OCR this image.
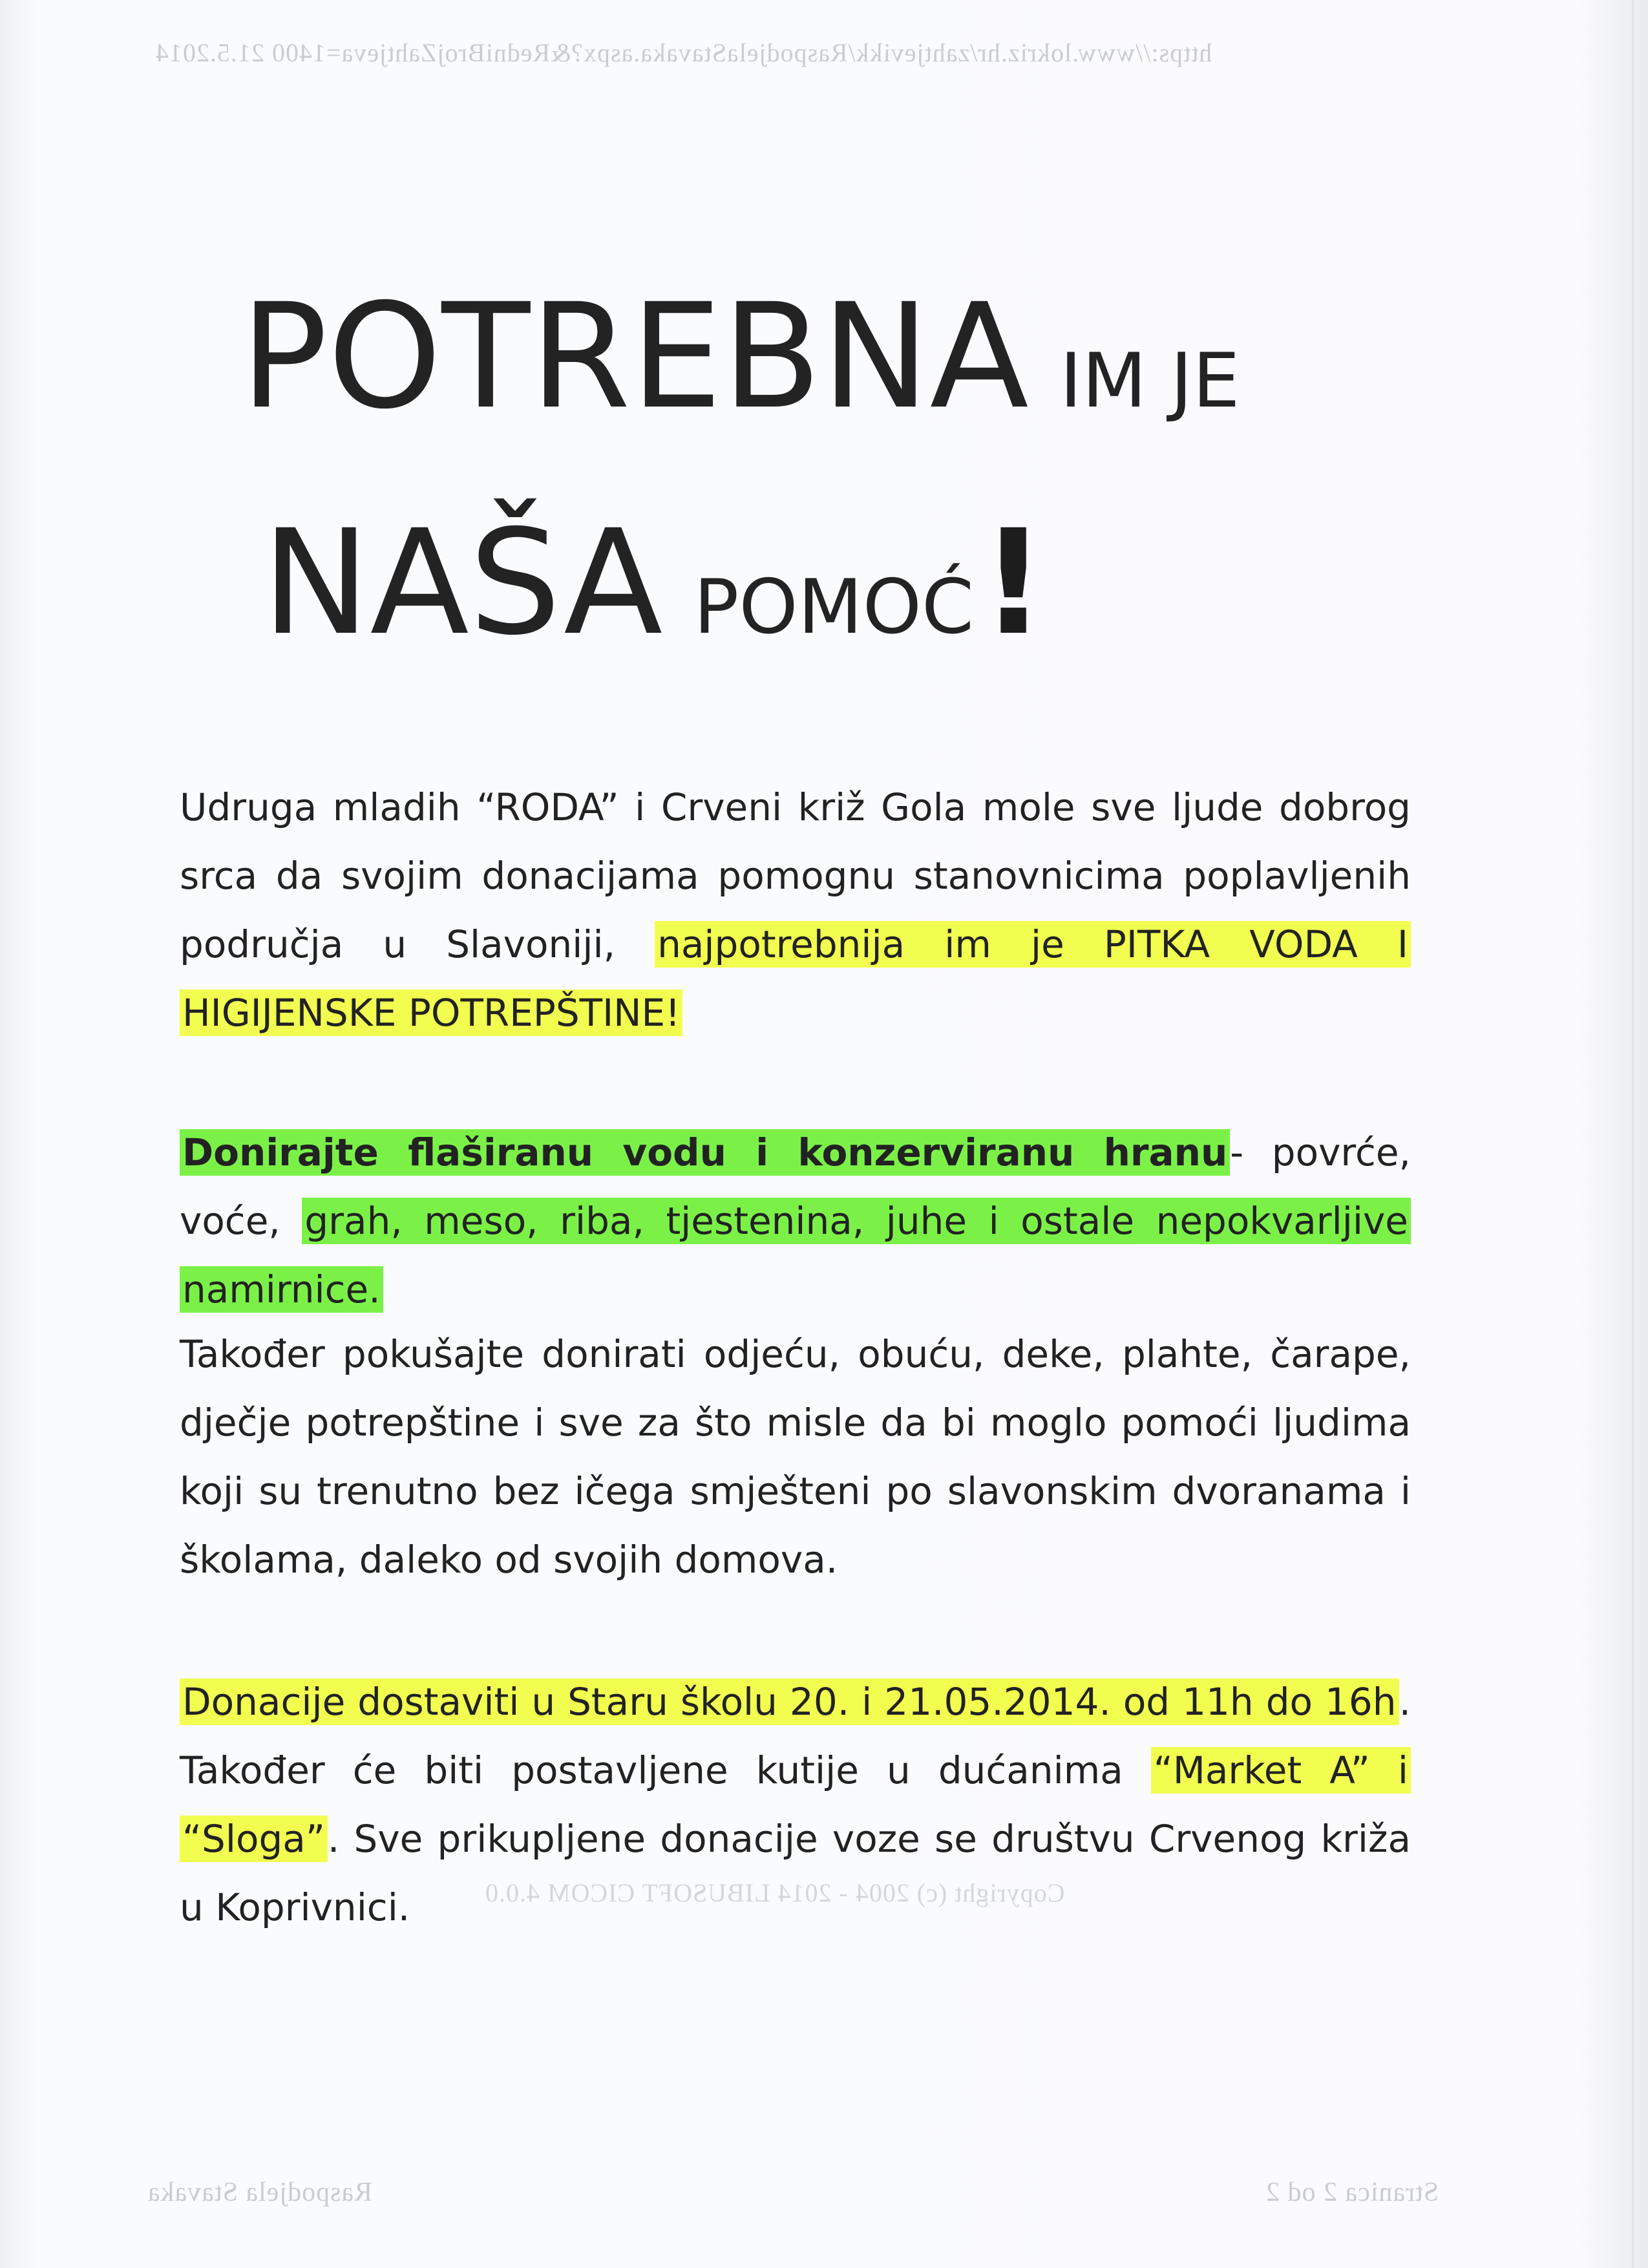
https://www.lokriz.hr/zahtjevikk/RaspodjelaStavaka.aspx?&RedniBrojZahtjeva=1400 21.5.2014
Copyright (c) 2004 - 2014 LIBUSOFT CICOM 4.0.0
Raspodjela Stavaka	Stranica 2 od 2
POTREBNA IM JE
NAŠA POMOĆ!
Udruga mladih “RODA” i Crveni križ Gola mole sve ljude dobrog srca da svojim donacijama pomognu stanovnicima poplavljenih područja u Slavoniji, najpotrebnija im je PITKA VODA I HIGIJENSKE POTREPŠTINE!
Donirajte flaširanu vodu i konzerviranu hranu- povrće, voće, grah, meso, riba, tjestenina, juhe i ostale nepokvarljive namirnice.
Također pokušajte donirati odjeću, obuću, deke, plahte, čarape, dječje potrepštine i sve za što misle da bi moglo pomoći ljudima koji su trenutno bez ičega smješteni po slavonskim dvoranama i školama, daleko od svojih domova.
Donacije dostaviti u Staru školu 20. i 21.05.2014. od 11h do 16h. Također će biti postavljene kutije u dućanima “Market A” i “Sloga”. Sve prikupljene donacije voze se društvu Crvenog križa u Koprivnici.
